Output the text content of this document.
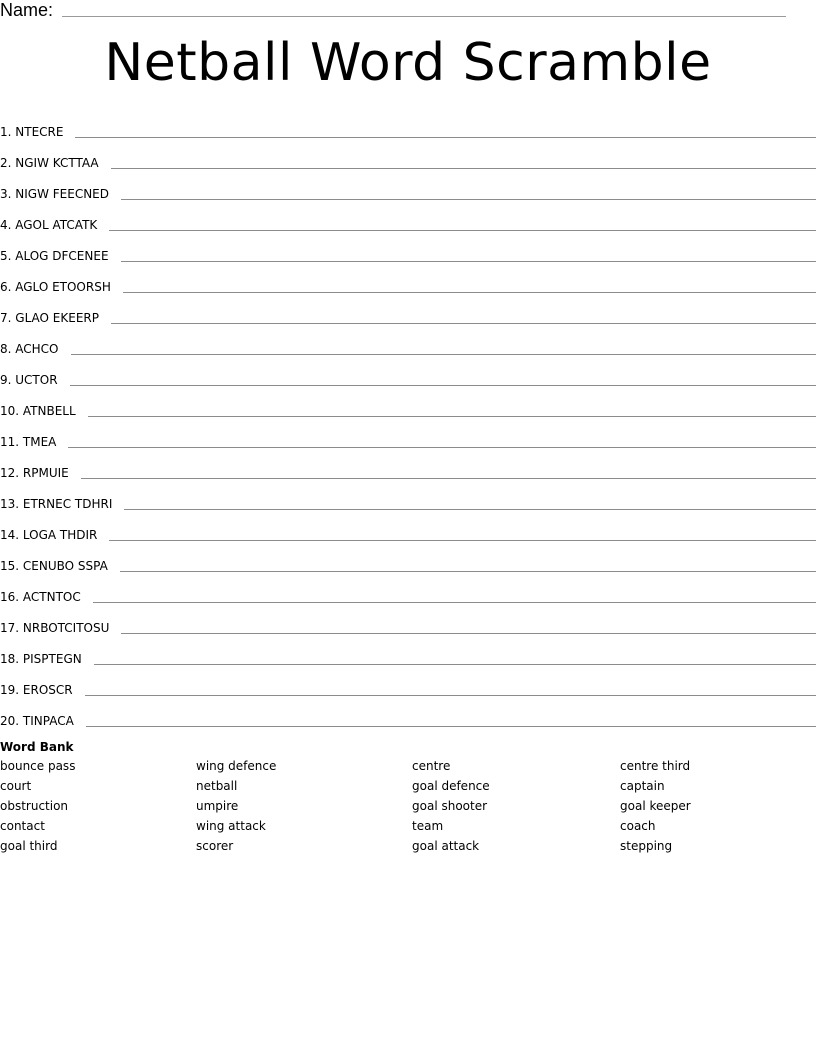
Name:
Netball Word Scramble
1. NTECRE
2. NGIW KCTTAA
3. NIGW FEECNED
4. AGOL ATCATK
5. ALOG DFCENEE
6. AGLO ETOORSH
7. GLAO EKEERP
8. ACHCO
9. UCTOR
10. ATNBELL
11. TMEA
12. RPMUIE
13. ETRNEC TDHRI
14. LOGA THDIR
15. CENUBO SSPA
16. ACTNTOC
17. NRBOTCITOSU
18. PISPTEGN
19. EROSCR
20. TINPACA
Word Bank
bounce pass	wing defence	centre	centre third
court	netball	goal defence	captain
obstruction	umpire	goal shooter	goal keeper
contact	wing attack	team	coach
goal third	scorer	goal attack	stepping
